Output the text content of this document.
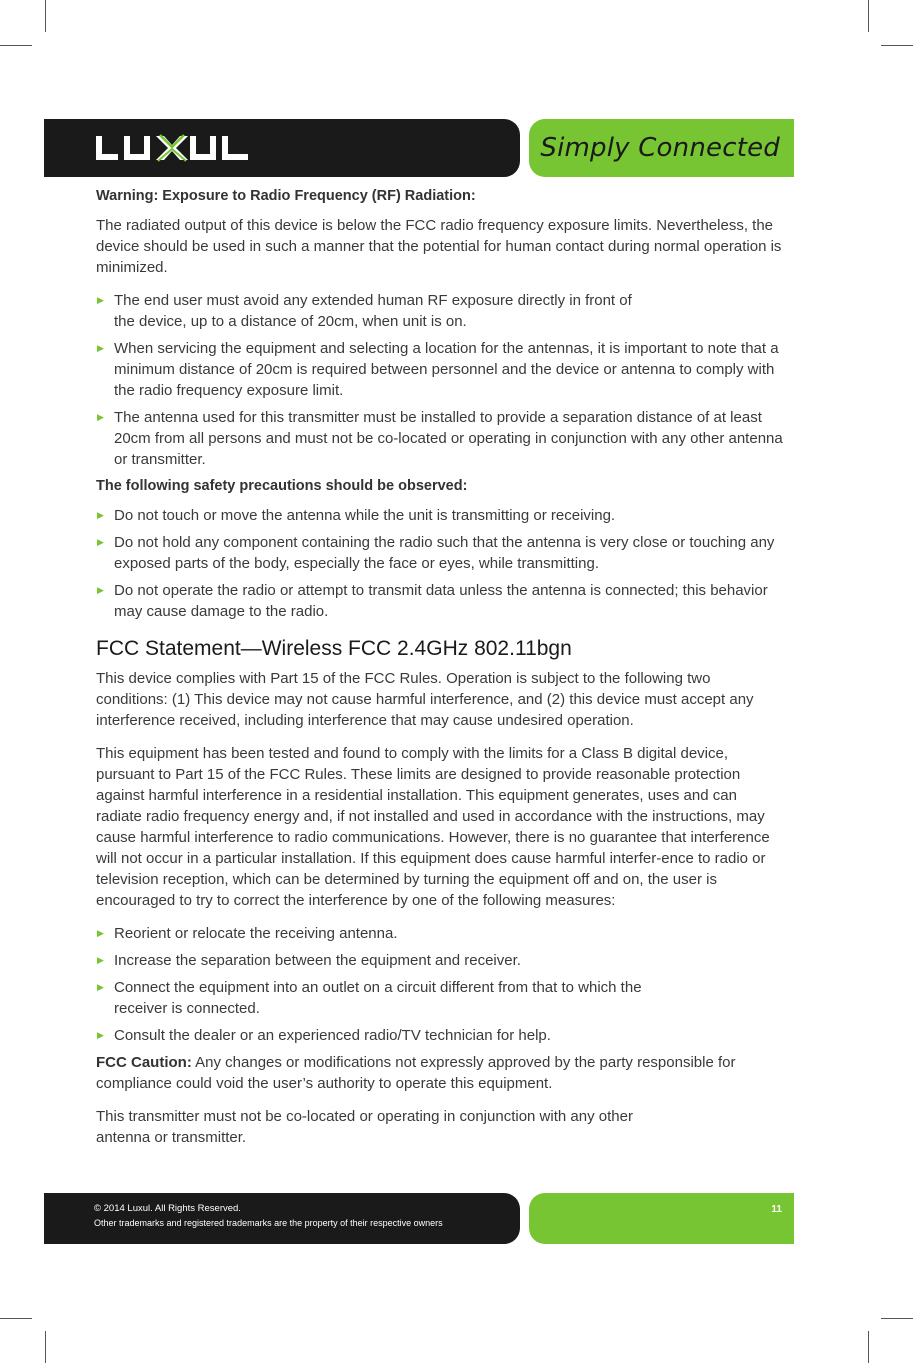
Simply Connected
Warning: Exposure to Radio Frequency (RF) Radiation:

The radiated output of this device is below the FCC radio frequency exposure limits. Nevertheless, the device should be used in such a manner that the potential for human contact during normal operation is minimized.

▶ The end user must avoid any extended human RF exposure directly in front of the device, up to a distance of 20cm, when unit is on.
▶ When servicing the equipment and selecting a location for the antennas, it is important to note that a minimum distance of 20cm is required between personnel and the device or antenna to comply with the radio frequency exposure limit.
▶ The antenna used for this transmitter must be installed to provide a separation distance of at least 20cm from all persons and must not be co-located or operating in conjunction with any other antenna or transmitter.
The following safety precautions should be observed:
▶ Do not touch or move the antenna while the unit is transmitting or receiving.
▶ Do not hold any component containing the radio such that the antenna is very close or touching any exposed parts of the body, especially the face or eyes, while transmitting.
▶ Do not operate the radio or attempt to transmit data unless the antenna is connected; this behavior may cause damage to the radio.
FCC Statement—Wireless FCC 2.4GHz 802.11bgn

This device complies with Part 15 of the FCC Rules. Operation is subject to the following two conditions: (1) This device may not cause harmful interference, and (2) this device must accept any interference received, including interference that may cause undesired operation.

This equipment has been tested and found to comply with the limits for a Class B digital device, pursuant to Part 15 of the FCC Rules. These limits are designed to provide reasonable protection against harmful interference in a residential installation. This equipment generates, uses and can radiate radio frequency energy and, if not installed and used in accordance with the instructions, may cause harmful interference to radio communications. However, there is no guarantee that interference will not occur in a particular installation. If this equipment does cause harmful interfer-ence to radio or television reception, which can be determined by turning the equipment off and on, the user is encouraged to try to correct the interference by one of the following measures:

▶ Reorient or relocate the receiving antenna.
▶ Increase the separation between the equipment and receiver.
▶ Connect the equipment into an outlet on a circuit different from that to which the receiver is connected.
▶ Consult the dealer or an experienced radio/TV technician for help.

FCC Caution: Any changes or modifications not expressly approved by the party responsible for compliance could void the user’s authority to operate this equipment.

This transmitter must not be co-located or operating in conjunction with any other antenna or transmitter.

© 2014 Luxul. All Rights Reserved.
Other trademarks and registered trademarks are the property of their respective owners
11
